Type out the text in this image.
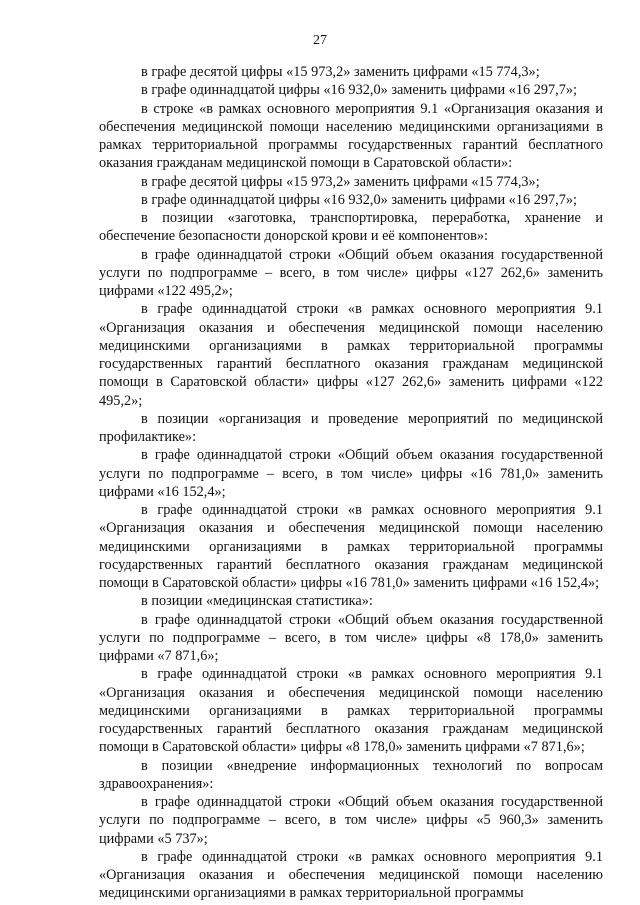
27

в графе десятой цифры «15 973,2» заменить цифрами «15 774,3»;

в графе одиннадцатой цифры «16 932,0» заменить цифрами «16 297,7»;

в строке «в рамках основного мероприятия 9.1 «Организация оказания и обеспечения медицинской помощи населению медицинскими организациями в рамках территориальной программы государственных гарантий бесплатного оказания гражданам медицинской помощи в Саратовской области»:

в графе десятой цифры «15 973,2» заменить цифрами «15 774,3»;

в графе одиннадцатой цифры «16 932,0» заменить цифрами «16 297,7»;

в позиции «заготовка, транспортировка, переработка, хранение и обеспечение безопасности донорской крови и её компонентов»:

в графе одиннадцатой строки «Общий объем оказания государственной услуги по подпрограмме – всего, в том числе» цифры «127 262,6» заменить цифрами «122 495,2»;

в графе одиннадцатой строки «в рамках основного мероприятия 9.1 «Организация оказания и обеспечения медицинской помощи населению медицинскими организациями в рамках территориальной программы государственных гарантий бесплатного оказания гражданам медицинской помощи в Саратовской области» цифры «127 262,6» заменить цифрами «122 495,2»;

в позиции «организация и проведение мероприятий по медицинской профилактике»:

в графе одиннадцатой строки «Общий объем оказания государственной услуги по подпрограмме – всего, в том числе» цифры «16 781,0» заменить цифрами «16 152,4»;

в графе одиннадцатой строки «в рамках основного мероприятия 9.1 «Организация оказания и обеспечения медицинской помощи населению медицинскими организациями в рамках территориальной программы государственных гарантий бесплатного оказания гражданам медицинской помощи в Саратовской области» цифры «16 781,0» заменить цифрами «16 152,4»;

в позиции «медицинская статистика»:

в графе одиннадцатой строки «Общий объем оказания государственной услуги по подпрограмме – всего, в том числе» цифры «8 178,0» заменить цифрами «7 871,6»;

в графе одиннадцатой строки «в рамках основного мероприятия 9.1 «Организация оказания и обеспечения медицинской помощи населению медицинскими организациями в рамках территориальной программы государственных гарантий бесплатного оказания гражданам медицинской помощи в Саратовской области» цифры «8 178,0» заменить цифрами «7 871,6»;

в позиции «внедрение информационных технологий по вопросам здравоохранения»:

в графе одиннадцатой строки «Общий объем оказания государственной услуги по подпрограмме – всего, в том числе» цифры «5 960,3» заменить цифрами «5 737»;

в графе одиннадцатой строки «в рамках основного мероприятия 9.1 «Организация оказания и обеспечения медицинской помощи населению медицинскими организациями в рамках территориальной программы
